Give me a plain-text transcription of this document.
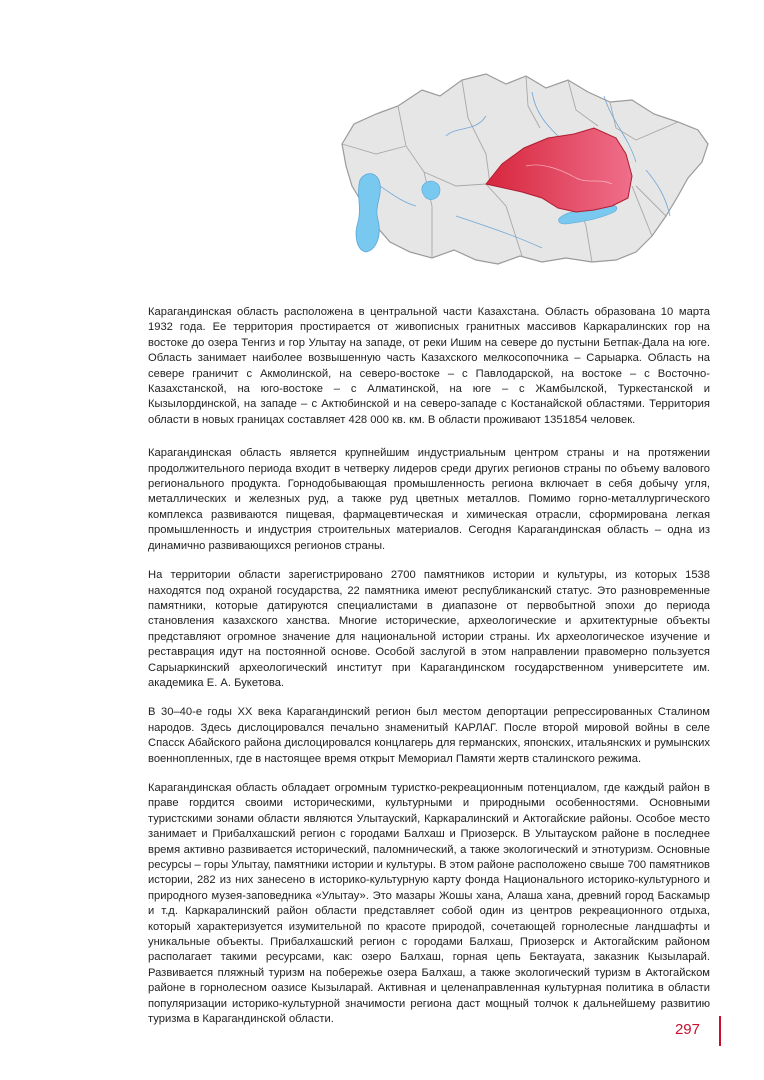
Карагандинская область расположена в центральной части Казахстана. Область образована 10 марта 1932 года. Ее территория простирается от живописных гранитных массивов Каркаралинских гор на востоке до озера Тенгиз и гор Улытау на западе, от реки Ишим на севере до пустыни Бетпак-Дала на юге. Область занимает наиболее возвышенную часть Казахского мелкосопочника – Сарыарка. Область на севере граничит с Акмолинской, на северо-востоке – с Павлодарской, на востоке – с Восточно-Казахстанской, на юго-востоке – с Алматинской, на юге – с Жамбылской, Туркестанской и Кызылординской, на западе – с Актюбинской и на северо-западе с Костанайской областями. Территория области в новых границах составляет 428 000 кв. км. В области проживают 1351854 человек.

Карагандинская область является крупнейшим индустриальным центром страны и на протяжении продолжительного периода входит в четверку лидеров среди других регионов страны по объему валового регионального продукта. Горнодобывающая промышленность региона включает в себя добычу угля, металлических и железных руд, а также руд цветных металлов. Помимо горно-металлургического комплекса развиваются пищевая, фармацевтическая и химическая отрасли, сформирована легкая промышленность и индустрия строительных материалов. Сегодня Карагандинская область – одна из динамично развивающихся регионов страны.

На территории области зарегистрировано 2700 памятников истории и культуры, из которых 1538 находятся под охраной государства, 22 памятника имеют республиканский статус. Это разновременные памятники, которые датируются специалистами в диапазоне от первобытной эпохи до периода становления казахского ханства. Многие исторические, археологические и архитектурные объекты представляют огромное значение для национальной истории страны. Их археологическое изучение и реставрация идут на постоянной основе. Особой заслугой в этом направлении правомерно пользуется Сарыаркинский археологический институт при Карагандинском государственном университете им. академика Е. А. Букетова.

В 30–40-е годы XX века Карагандинский регион был местом депортации репрессированных Сталином народов. Здесь дислоцировался печально знаменитый КАРЛАГ. После второй мировой войны в селе Спасск Абайского района дислоцировался концлагерь для германских, японских, итальянских и румынских военнопленных, где в настоящее время открыт Мемориал Памяти жертв сталинского режима.

Карагандинская область обладает огромным туристко-рекреационным потенциалом, где каждый район в праве гордится своими историческими, культурными и природными особенностями. Основными туристскими зонами области являются Улытауский, Каркаралинский и Актогайские районы. Особое место занимает и Прибалхашский регион с городами Балхаш и Приозерск. В Улытауском районе в последнее время активно развивается исторический, паломнический, а также экологический и этнотуризм. Основные ресурсы – горы Улытау, памятники истории и культуры. В этом районе расположено свыше 700 памятников истории, 282 из них занесено в историко-культурную карту фонда Национального историко-культурного и природного музея-заповедника «Улытау». Это мазары Жошы хана, Алаша хана, древний город Баскамыр и т.д. Каркаралинский район области представляет собой один из центров рекреационного отдыха, который характеризуется изумительной по красоте природой, сочетающей горнолесные ландшафты и уникальные объекты. Прибалхашский регион с городами Балхаш, Приозерск и Актогайским районом располагает такими ресурсами, как: озеро Балхаш, горная цепь Бектауата, заказник Кызыларай. Развивается пляжный туризм на побережье озера Балхаш, а также экологический туризм в Актогайском районе в горнолесном оазисе Кызыларай. Активная и целенаправленная культурная политика в области популяризации историко-культурной значимости региона даст мощный толчок к дальнейшему развитию туризма в Карагандинской области.

297
